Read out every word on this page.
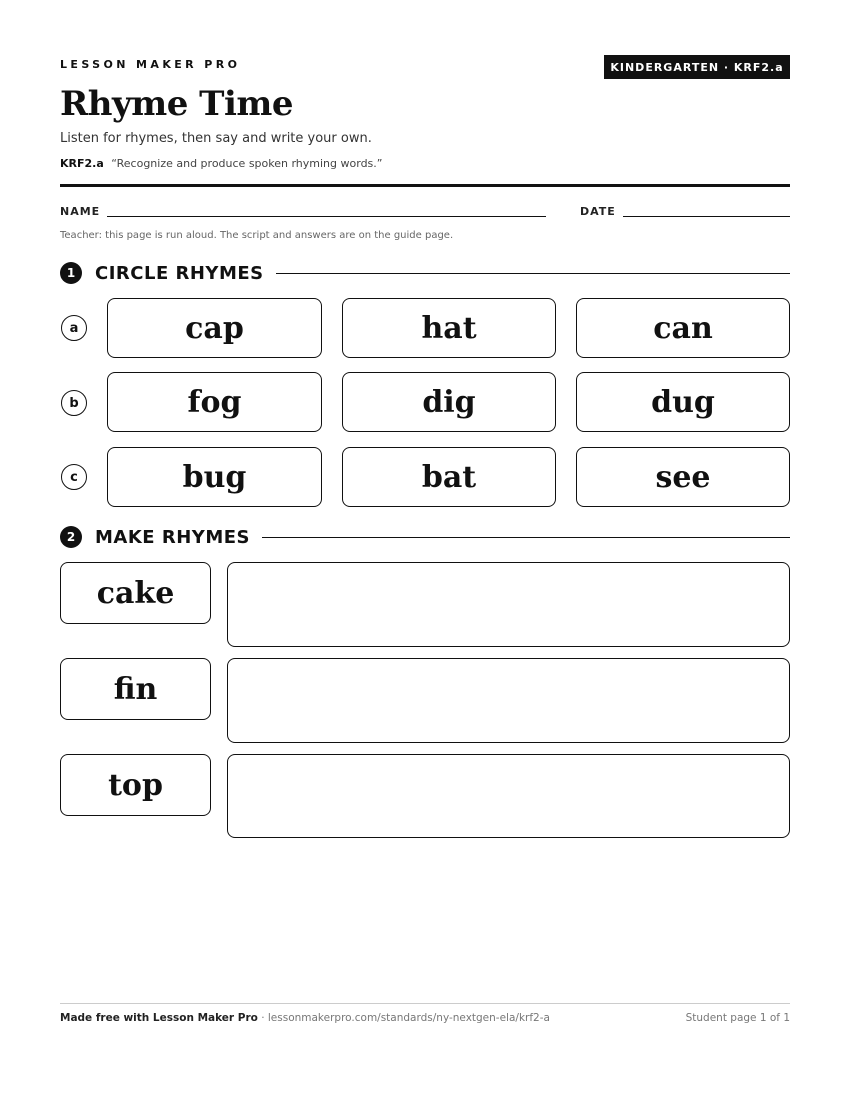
LESSON MAKER PRO	KINDERGARTEN · KRF2.a
Rhyme Time
Listen for rhymes, then say and write your own.
KRF2.a “Recognize and produce spoken rhyming words.”
NAME	DATE
Teacher: this page is run aloud. The script and answers are on the guide page.
1	CIRCLE RHYMES
a	cap	hat	can
b	fog	dig	dug
c	bug	bat	see
2	MAKE RHYMES
cake
fin
top
Made free with Lesson Maker Pro · lessonmakerpro.com/standards/ny-nextgen-ela/krf2-a	Student page 1 of 1
